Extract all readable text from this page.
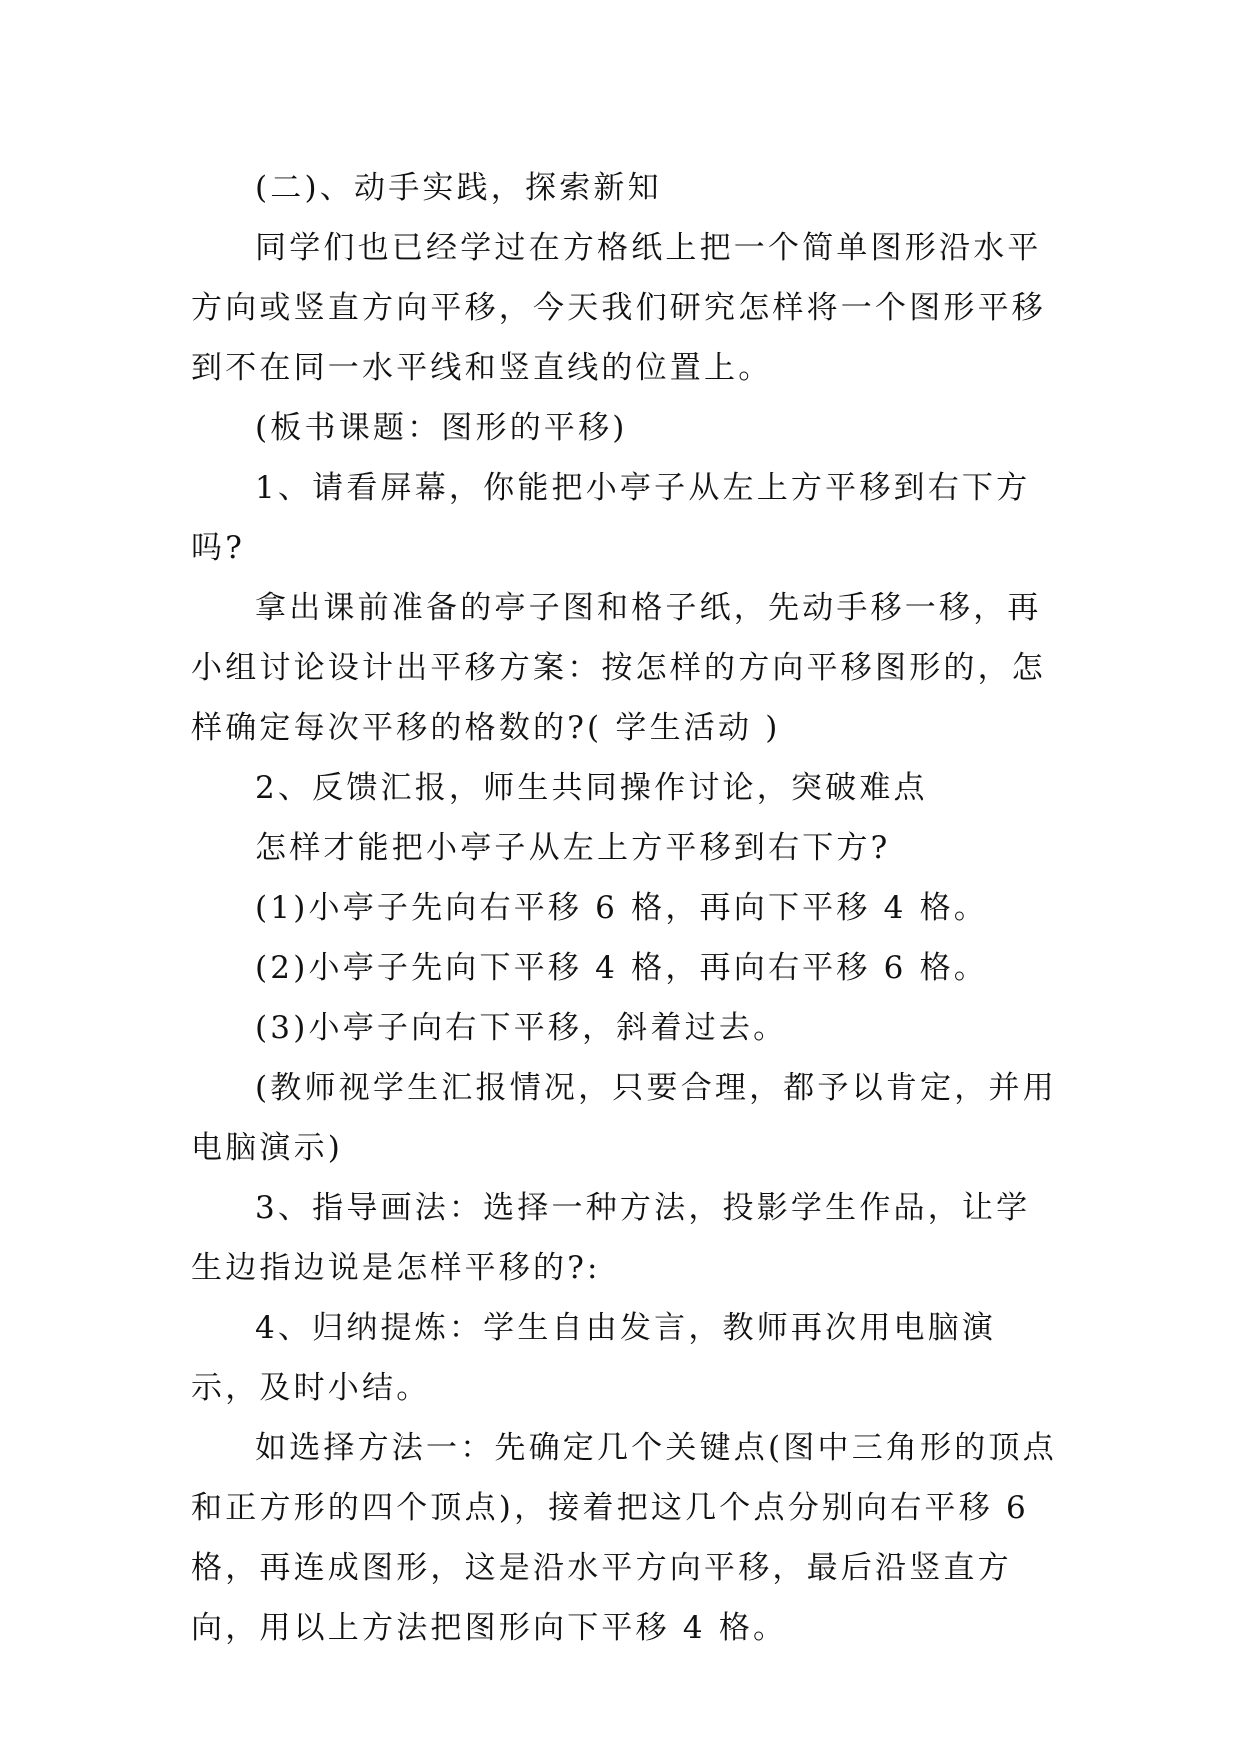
(二)、动手实践，探索新知

同学们也已经学过在方格纸上把一个简单图形沿水平方向或竖直方向平移，今天我们研究怎样将一个图形平移到不在同一水平线和竖直线的位置上。

(板书课题：图形的平移)

1、请看屏幕，你能把小亭子从左上方平移到右下方吗?

拿出课前准备的亭子图和格子纸，先动手移一移，再小组讨论设计出平移方案：按怎样的方向平移图形的，怎样确定每次平移的格数的?( 学生活动 )

2、反馈汇报，师生共同操作讨论，突破难点

怎样才能把小亭子从左上方平移到右下方?

(1)小亭子先向右平移 6 格，再向下平移 4 格。

(2)小亭子先向下平移 4 格，再向右平移 6 格。

(3)小亭子向右下平移，斜着过去。

(教师视学生汇报情况，只要合理，都予以肯定，并用电脑演示)

3、指导画法：选择一种方法，投影学生作品，让学生边指边说是怎样平移的?:

4、归纳提炼：学生自由发言，教师再次用电脑演示，及时小结。

如选择方法一：先确定几个关键点(图中三角形的顶点和正方形的四个顶点)，接着把这几个点分别向右平移 6 格，再连成图形，这是沿水平方向平移，最后沿竖直方向，用以上方法把图形向下平移 4 格。
